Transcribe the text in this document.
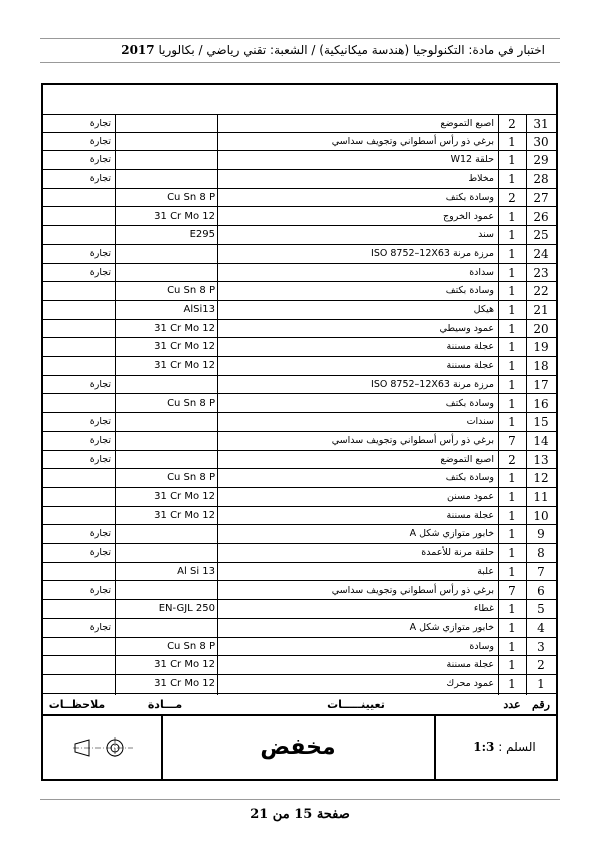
اختبار في مادة: التكنولوجيا (هندسة ميكانيكية) / الشعبة: تقني رياضي / بكالوريا 2017
31
2
اصبع التموضع
تجارة
30
1
برغي ذو رأس أسطواني وتجويف سداسي
تجارة
29
1
حلقة W12
تجارة
28
1
مخلاط
تجارة
27
2
وسادة بكتف
Cu Sn 8 P
26
1
عمود الخروج
31 Cr Mo 12
25
1
سند
E295
24
1
مرزة مرنة ISO 8752–12X63
تجارة
23
1
سدادة
تجارة
22
1
وسادة بكتف
Cu Sn 8 P
21
1
هيكل
AlSi13
20
1
عمود وسيطي
31 Cr Mo 12
19
1
عجلة مسننة
31 Cr Mo 12
18
1
عجلة مسننة
31 Cr Mo 12
17
1
مرزة مرنة ISO 8752–12X63
تجارة
16
1
وسادة بكتف
Cu Sn 8 P
15
1
سندات
تجارة
14
7
برغي ذو رأس أسطواني وتجويف سداسي
تجارة
13
2
اصبع التموضع
تجارة
12
1
وسادة بكتف
Cu Sn 8 P
11
1
عمود مسنن
31 Cr Mo 12
10
1
عجلة مسننة
31 Cr Mo 12
9
1
خابور متوازي شكل A
تجارة
8
1
حلقة مرنة للأعمدة
تجارة
7
1
علبة
Al Si 13
6
7
برغي ذو رأس أسطواني وتجويف سداسي
تجارة
5
1
غطاء
EN-GJL 250
4
1
خابور متوازي شكل A
تجارة
3
1
وسادة
Cu Sn 8 P
2
1
عجلة مسننة
31 Cr Mo 12
1
1
عمود محرك
31 Cr Mo 12
رقم
عدد
تعيينـــــات
مـــادة
ملاحظــات
السلم : 1:3
مخفض
صفحة 15 من 21
